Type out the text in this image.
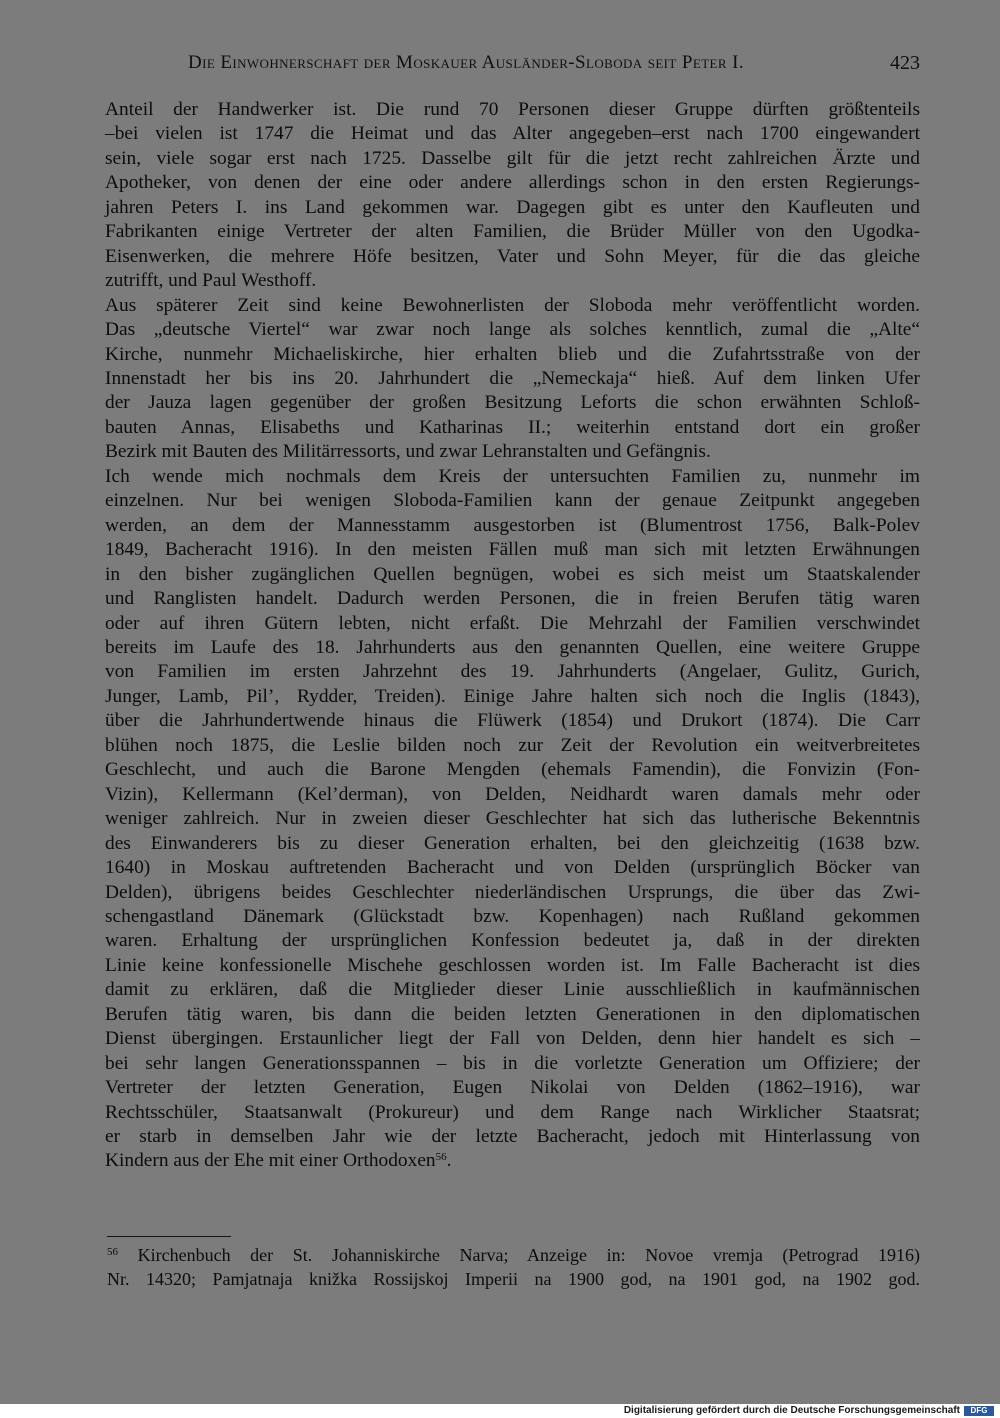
Die Einwohnerschaft der Moskauer Ausländer-Sloboda seit Peter I.	423
Anteil der Handwerker ist. Die rund 70 Personen dieser Gruppe dürften größtenteils
–bei vielen ist 1747 die Heimat und das Alter angegeben–erst nach 1700 eingewandert
sein, viele sogar erst nach 1725. Dasselbe gilt für die jetzt recht zahlreichen Ärzte und
Apotheker, von denen der eine oder andere allerdings schon in den ersten Regierungs-
jahren Peters I. ins Land gekommen war. Dagegen gibt es unter den Kaufleuten und
Fabrikanten einige Vertreter der alten Familien, die Brüder Müller von den Ugodka-
Eisenwerken, die mehrere Höfe besitzen, Vater und Sohn Meyer, für die das gleiche
zutrifft, und Paul Westhoff.
Aus späterer Zeit sind keine Bewohnerlisten der Sloboda mehr veröffentlicht worden.
Das „deutsche Viertel“ war zwar noch lange als solches kenntlich, zumal die „Alte“
Kirche, nunmehr Michaeliskirche, hier erhalten blieb und die Zufahrtsstraße von der
Innenstadt her bis ins 20. Jahrhundert die „Nemeckaja“ hieß. Auf dem linken Ufer
der Jauza lagen gegenüber der großen Besitzung Leforts die schon erwähnten Schloß-
bauten Annas, Elisabeths und Katharinas II.; weiterhin entstand dort ein großer
Bezirk mit Bauten des Militärressorts, und zwar Lehranstalten und Gefängnis.
Ich wende mich nochmals dem Kreis der untersuchten Familien zu, nunmehr im
einzelnen. Nur bei wenigen Sloboda-Familien kann der genaue Zeitpunkt angegeben
werden, an dem der Mannesstamm ausgestorben ist (Blumentrost 1756, Balk-Polev
1849, Bacheracht 1916). In den meisten Fällen muß man sich mit letzten Erwähnungen
in den bisher zugänglichen Quellen begnügen, wobei es sich meist um Staatskalender
und Ranglisten handelt. Dadurch werden Personen, die in freien Berufen tätig waren
oder auf ihren Gütern lebten, nicht erfaßt. Die Mehrzahl der Familien verschwindet
bereits im Laufe des 18. Jahrhunderts aus den genannten Quellen, eine weitere Gruppe
von Familien im ersten Jahrzehnt des 19. Jahrhunderts (Angelaer, Gulitz, Gurich,
Junger, Lamb, Pil’, Rydder, Treiden). Einige Jahre halten sich noch die Inglis (1843),
über die Jahrhundertwende hinaus die Flüwerk (1854) und Drukort (1874). Die Carr
blühen noch 1875, die Leslie bilden noch zur Zeit der Revolution ein weitverbreitetes
Geschlecht, und auch die Barone Mengden (ehemals Famendin), die Fonvizin (Fon-
Vizin), Kellermann (Kel’derman), von Delden, Neidhardt waren damals mehr oder
weniger zahlreich. Nur in zweien dieser Geschlechter hat sich das lutherische Bekenntnis
des Einwanderers bis zu dieser Generation erhalten, bei den gleichzeitig (1638 bzw.
1640) in Moskau auftretenden Bacheracht und von Delden (ursprünglich Böcker van
Delden), übrigens beides Geschlechter niederländischen Ursprungs, die über das Zwi-
schengastland Dänemark (Glückstadt bzw. Kopenhagen) nach Rußland gekommen
waren. Erhaltung der ursprünglichen Konfession bedeutet ja, daß in der direkten
Linie keine konfessionelle Mischehe geschlossen worden ist. Im Falle Bacheracht ist dies
damit zu erklären, daß die Mitglieder dieser Linie ausschließlich in kaufmännischen
Berufen tätig waren, bis dann die beiden letzten Generationen in den diplomatischen
Dienst übergingen. Erstaunlicher liegt der Fall von Delden, denn hier handelt es sich –
bei sehr langen Generationsspannen – bis in die vorletzte Generation um Offiziere; der
Vertreter der letzten Generation, Eugen Nikolai von Delden (1862–1916), war
Rechtsschüler, Staatsanwalt (Prokureur) und dem Range nach Wirklicher Staatsrat;
er starb in demselben Jahr wie der letzte Bacheracht, jedoch mit Hinterlassung von
Kindern aus der Ehe mit einer Orthodoxen$^{56}$.
$^{56}$ Kirchenbuch der St. Johanniskirche Narva; Anzeige in: Novoe vremja (Petrograd 1916)
Nr. 14320; Pamjatnaja knižka Rossijskoj Imperii na 1900 god, na 1901 god, na 1902 god.
Digitalisierung gefördert durch die Deutsche Forschungsgemeinschaft	DFG
